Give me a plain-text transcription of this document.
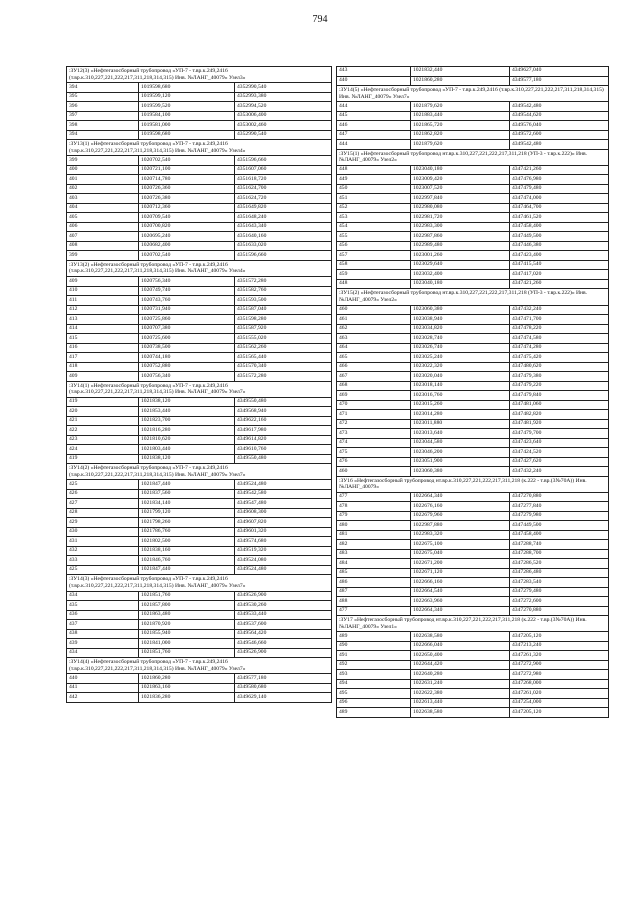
794
:ЗУ12(3) «Нефтегазосборный трубопровод «УП-7 - т.вр.к.249,2416 (т.вр.к.310,227,221,222,217,311,218,314,315) Инв. №ЛАНГ_40079» Узел3»		
394	1019598,680	4352990,540
395	1019599,120	4352993,380
396	1019599,520	4352994,520
397	1019584,100	4353006,400
398	1019581,000	4353002,460
394	1019598,680	4352990,540
:ЗУ13(1) «Нефтегазосборный трубопровод «УП-7 - т.вр.к.249,2416 (т.вр.к.310,227,221,222,217,311,218,314,315) Инв. №ЛАНГ_40079» Узел4»		
399	1020702,540	4351596,660
400	1020721,100	4351607,060
401	1020714,780	4351618,720
402	1020726,360	4351624,700
403	1020726,380	4351624,720
404	1020712,360	4351649,820
405	1020709,540	4351648,240
406	1020700,820	4351643,340
407	1020695,240	4351640,160
408	1020682,400	4351633,020
399	1020702,540	4351596,660
:ЗУ13(2) «Нефтегазосборный трубопровод «УП-7 - т.вр.к.249,2416 (т.вр.к.310,227,221,222,217,311,218,314,315) Инв. №ЛАНГ_40079» Узел4»		
409	1020756,340	4351572,280
410	1020749,740	4351582,760
411	1020743,760	4351593,500
412	1020731,940	4351587,040
413	1020725,860	4351598,280
414	1020707,380	4351587,920
415	1020725,600	4351555,020
416	1020738,500	4351562,260
417	1020744,180	4351565,440
418	1020752,880	4351570,340
409	1020756,340	4351572,280
:ЗУ14(1) «Нефтегазосборный трубопровод «УП-7 - т.вр.к.249,2416 (т.вр.к.310,227,221,222,217,311,218,314,315) Инв. №ЛАНГ_40079» Узел7»		
419	1021838,120	4349550,480
420	1021853,440	4349568,940
421	1021823,700	4349622,160
422	1021816,280	4349617,980
423	1021810,620	4349614,820
424	1021803,440	4349610,760
419	1021838,120	4349550,480
:ЗУ14(2) «Нефтегазосборный трубопровод «УП-7 - т.вр.к.249,2416 (т.вр.к.310,227,221,222,217,311,218,314,315) Инв. №ЛАНГ_40079» Узел7»		
425	1021847,440	4349524,480
426	1021837,560	4349542,580
427	1021834,140	4349547,480
428	1021799,120	4349608,300
429	1021798,260	4349607,820
430	1021786,760	4349601,320
431	1021802,500	4349574,680
432	1021838,160	4349519,320
433	1021846,760	4349524,080
425	1021847,440	4349524,480
:ЗУ14(3) «Нефтегазосборный трубопровод «УП-7 - т.вр.к.249,2416 (т.вр.к.310,227,221,222,217,311,218,314,315) Инв. №ЛАНГ_40079» Узел7»		
434	1021851,760	4349526,900
435	1021857,800	4349530,260
436	1021863,480	4349533,440
437	1021870,920	4349537,600
438	1021855,940	4349564,420
439	1021841,000	4349546,660
434	1021851,760	4349526,900
:ЗУ14(4) «Нефтегазосборный трубопровод «УП-7 - т.вр.к.249,2416 (т.вр.к.310,227,221,222,217,311,218,314,315) Инв. №ЛАНГ_40079» Узел7»		
440	1021860,280	4349577,180
441	1021863,160	4349580,680
442	1021836,280	4349629,140
443	1021832,440	4349627,040
440	1021860,280	4349577,180
:ЗУ14(5) «Нефтегазосборный трубопровод «УП-7 - т.вр.к.249,2416 (т.вр.к.310,227,221,222,217,311,218,314,315) Инв. №ЛАНГ_40079» Узел7»		
444	1021879,620	4349542,480
445	1021883,440	4349544,620
446	1021865,720	4349576,040
447	1021862,820	4349572,600
444	1021879,620	4349542,480
:ЗУ15(1) «Нефтегазосборный трубопровод нт.вр.к.310,227,221,222,217,311,218 (УП-3 - т.вр.к.222)» Инв. №ЛАНГ_40079» Узел2»		
448	1023040,180	4347421,260
449	1023009,420	4347476,980
450	1023007,520	4347479,480
451	1022997,840	4347474,000
452	1022980,080	4347464,700
453	1022981,720	4347461,520
454	1022983,300	4347458,400
455	1022987,860	4347449,500
456	1022989,480	4347446,380
457	1023001,260	4347423,400
458	1023029,640	4347415,540
459	1023032,400	4347417,020
448	1023040,180	4347421,260
:ЗУ15(2) «Нефтегазосборный трубопровод нт.вр.к.310,227,221,222,217,311,218 (УП-3 - т.вр.к.222)» Инв. №ЛАНГ_40079» Узел2»		
460	1023060,380	4347432,240
461	1023038,940	4347471,700
462	1023034,820	4347478,220
463	1023028,740	4347474,580
464	1023026,740	4347474,280
465	1023025,240	4347475,420
466	1023022,320	4347480,620
467	1023020,040	4347479,380
468	1023018,140	4347479,220
469	1023016,760	4347479,840
470	1023015,260	4347481,060
471	1023014,280	4347482,820
472	1023011,880	4347481,920
473	1023013,640	4347479,700
474	1023044,580	4347423,640
475	1023046,200	4347424,520
476	1023051,900	4347427,620
460	1023060,380	4347432,240
:ЗУ16 «Нефтегазосборный трубопровод нт.вр.к.310,227,221,222,217,311,218 (к.222 - т.вр.(3№70А)) Инв. №ЛАНГ_40079»		
477	1022664,340	4347270,880
478	1022676,160	4347277,840
479	1022679,960	4347279,980
480	1022987,880	4347449,500
481	1022983,320	4347458,400
482	1022675,100	4347288,740
483	1022675,040	4347288,700
484	1022671,200	4347286,520
485	1022671,120	4347286,480
486	1022666,160	4347283,540
487	1022664,540	4347279,480
488	1022663,960	4347272,600
477	1022664,340	4347270,880
:ЗУ17 «Нефтегазосборный трубопровод нт.вр.к.310,227,221,222,217,311,218 (к.222 - т.вр.(3№70А)) Инв. №ЛАНГ_40079» Узел1»		
489	1022638,580	4347205,120
490	1022666,040	4347213,240
491	1022650,400	4347261,320
492	1022644,420	4347272,900
493	1022640,280	4347272,980
494	1022631,240	4347268,000
495	1022622,380	4347261,020
496	1022613,440	4347254,000
489	1022638,580	4347205,120
